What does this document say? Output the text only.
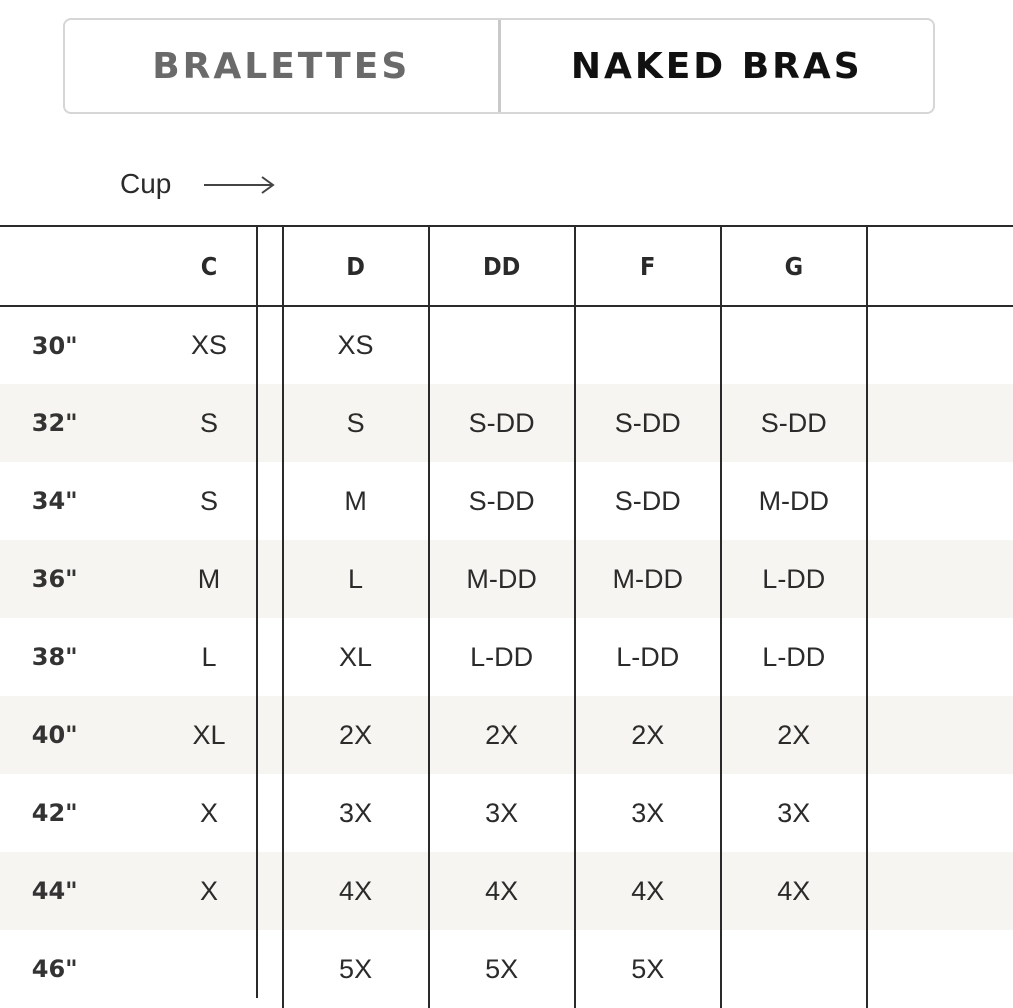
BRALETTES	NAKED BRAS
Cup
	C	D	DD	F	G	
30"	XS	XS				
32"	S	S	S-DD	S-DD	S-DD	
34"	S	M	S-DD	S-DD	M-DD	
36"	M	L	M-DD	M-DD	L-DD	
38"	L	XL	L-DD	L-DD	L-DD	
40"	XL	2X	2X	2X	2X	
42"	X	3X	3X	3X	3X	
44"	X	4X	4X	4X	4X	
46"		5X	5X	5X		
